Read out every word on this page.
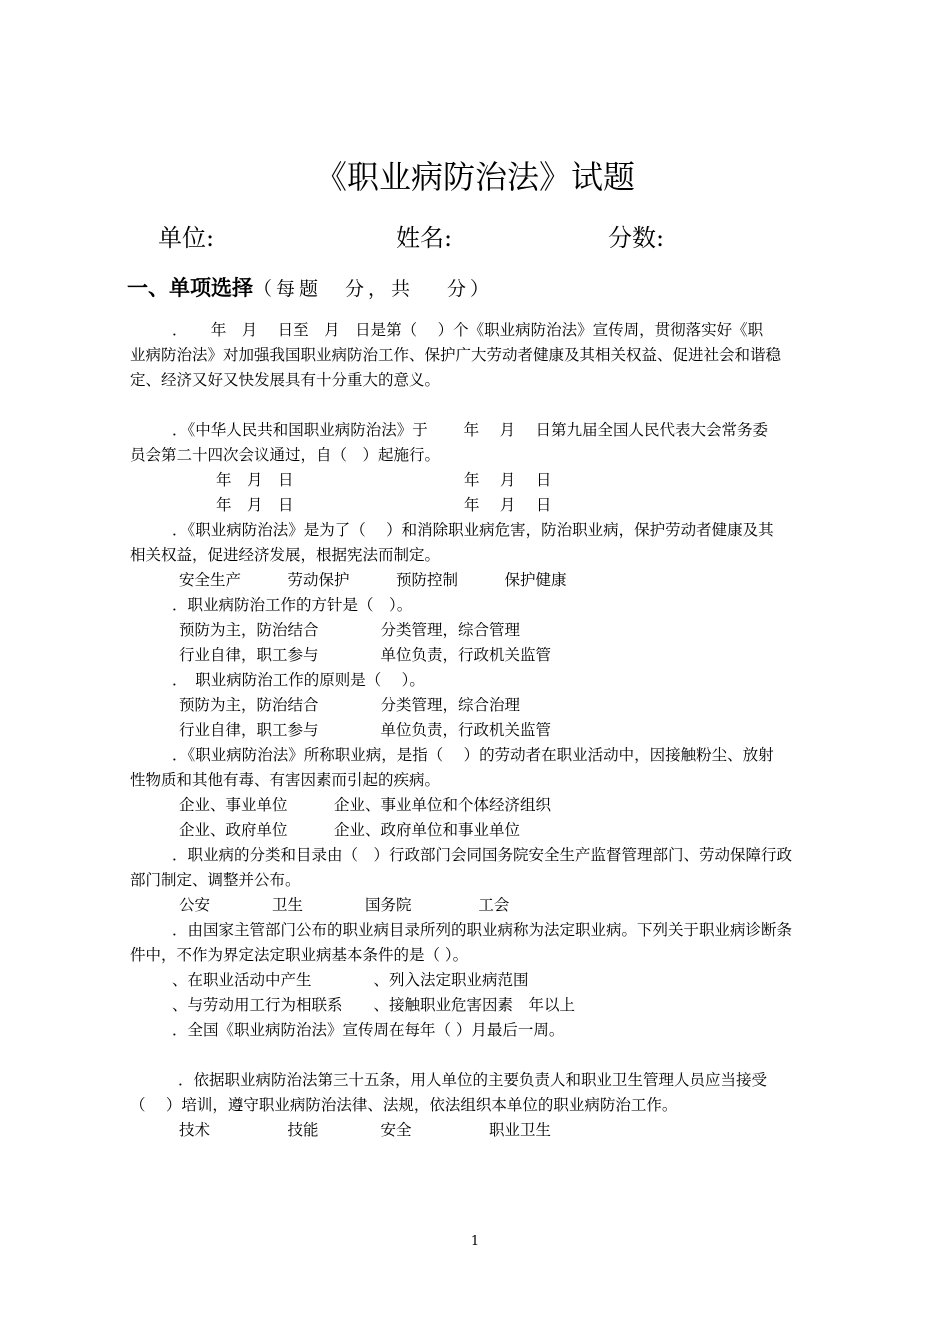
《职业病防治法》试题
单位:	姓名:	分数:
一、单项选择（每题　分，共　 分）
．　　年　月　 日至　月　日是第（　 ）个《职业病防治法》宣传周，贯彻落实好《职
业病防治法》对加强我国职业病防治工作、保护广大劳动者健康及其相关权益、促进社会和谐稳
定、经济又好又快发展具有十分重大的意义。
．《中华人民共和国职业病防治法》于　　 年　 月　 日第九届全国人民代表大会常务委
员会第二十四次会议通过，自（　）起施行。
年　月　日	年　 月　 日
年　月　日	年　 月　 日
．《职业病防治法》是为了（　 ）和消除职业病危害，防治职业病，保护劳动者健康及其
相关权益，促进经济发展，根据宪法而制定。
安全生产　　　劳动保护　　　预防控制　　　保护健康
．职业病防治工作的方针是（　）。
预防为主，防治结合　　　　分类管理，综合管理
行业自律，职工参与　　　　单位负责，行政机关监管
．　职业病防治工作的原则是（　 ）。
预防为主，防治结合　　　　分类管理，综合治理
行业自律，职工参与　　　　单位负责，行政机关监管
．《职业病防治法》所称职业病，是指（　 ）的劳动者在职业活动中，因接触粉尘、放射
性物质和其他有毒、有害因素而引起的疾病。
企业、事业单位　　　企业、事业单位和个体经济组织
企业、政府单位　　　企业、政府单位和事业单位
．职业病的分类和目录由（　）行政部门会同国务院安全生产监督管理部门、劳动保障行政
部门制定、调整并公布。
公安　　　　卫生　　　　国务院　　　　 工会
．由国家主管部门公布的职业病目录所列的职业病称为法定职业病。下列关于职业病诊断条
件中，不作为界定法定职业病基本条件的是（ ）。
、在职业活动中产生　　　　、列入法定职业病范围
、与劳动用工行为相联系　　、接触职业危害因素　年以上
．全国《职业病防治法》宣传周在每年（ ）月最后一周。
．依据职业病防治法第三十五条，用人单位的主要负责人和职业卫生管理人员应当接受
（　 ）培训，遵守职业病防治法律、法规，依法组织本单位的职业病防治工作。
技术　　　　　技能　　　　安全　　　　　职业卫生
1
